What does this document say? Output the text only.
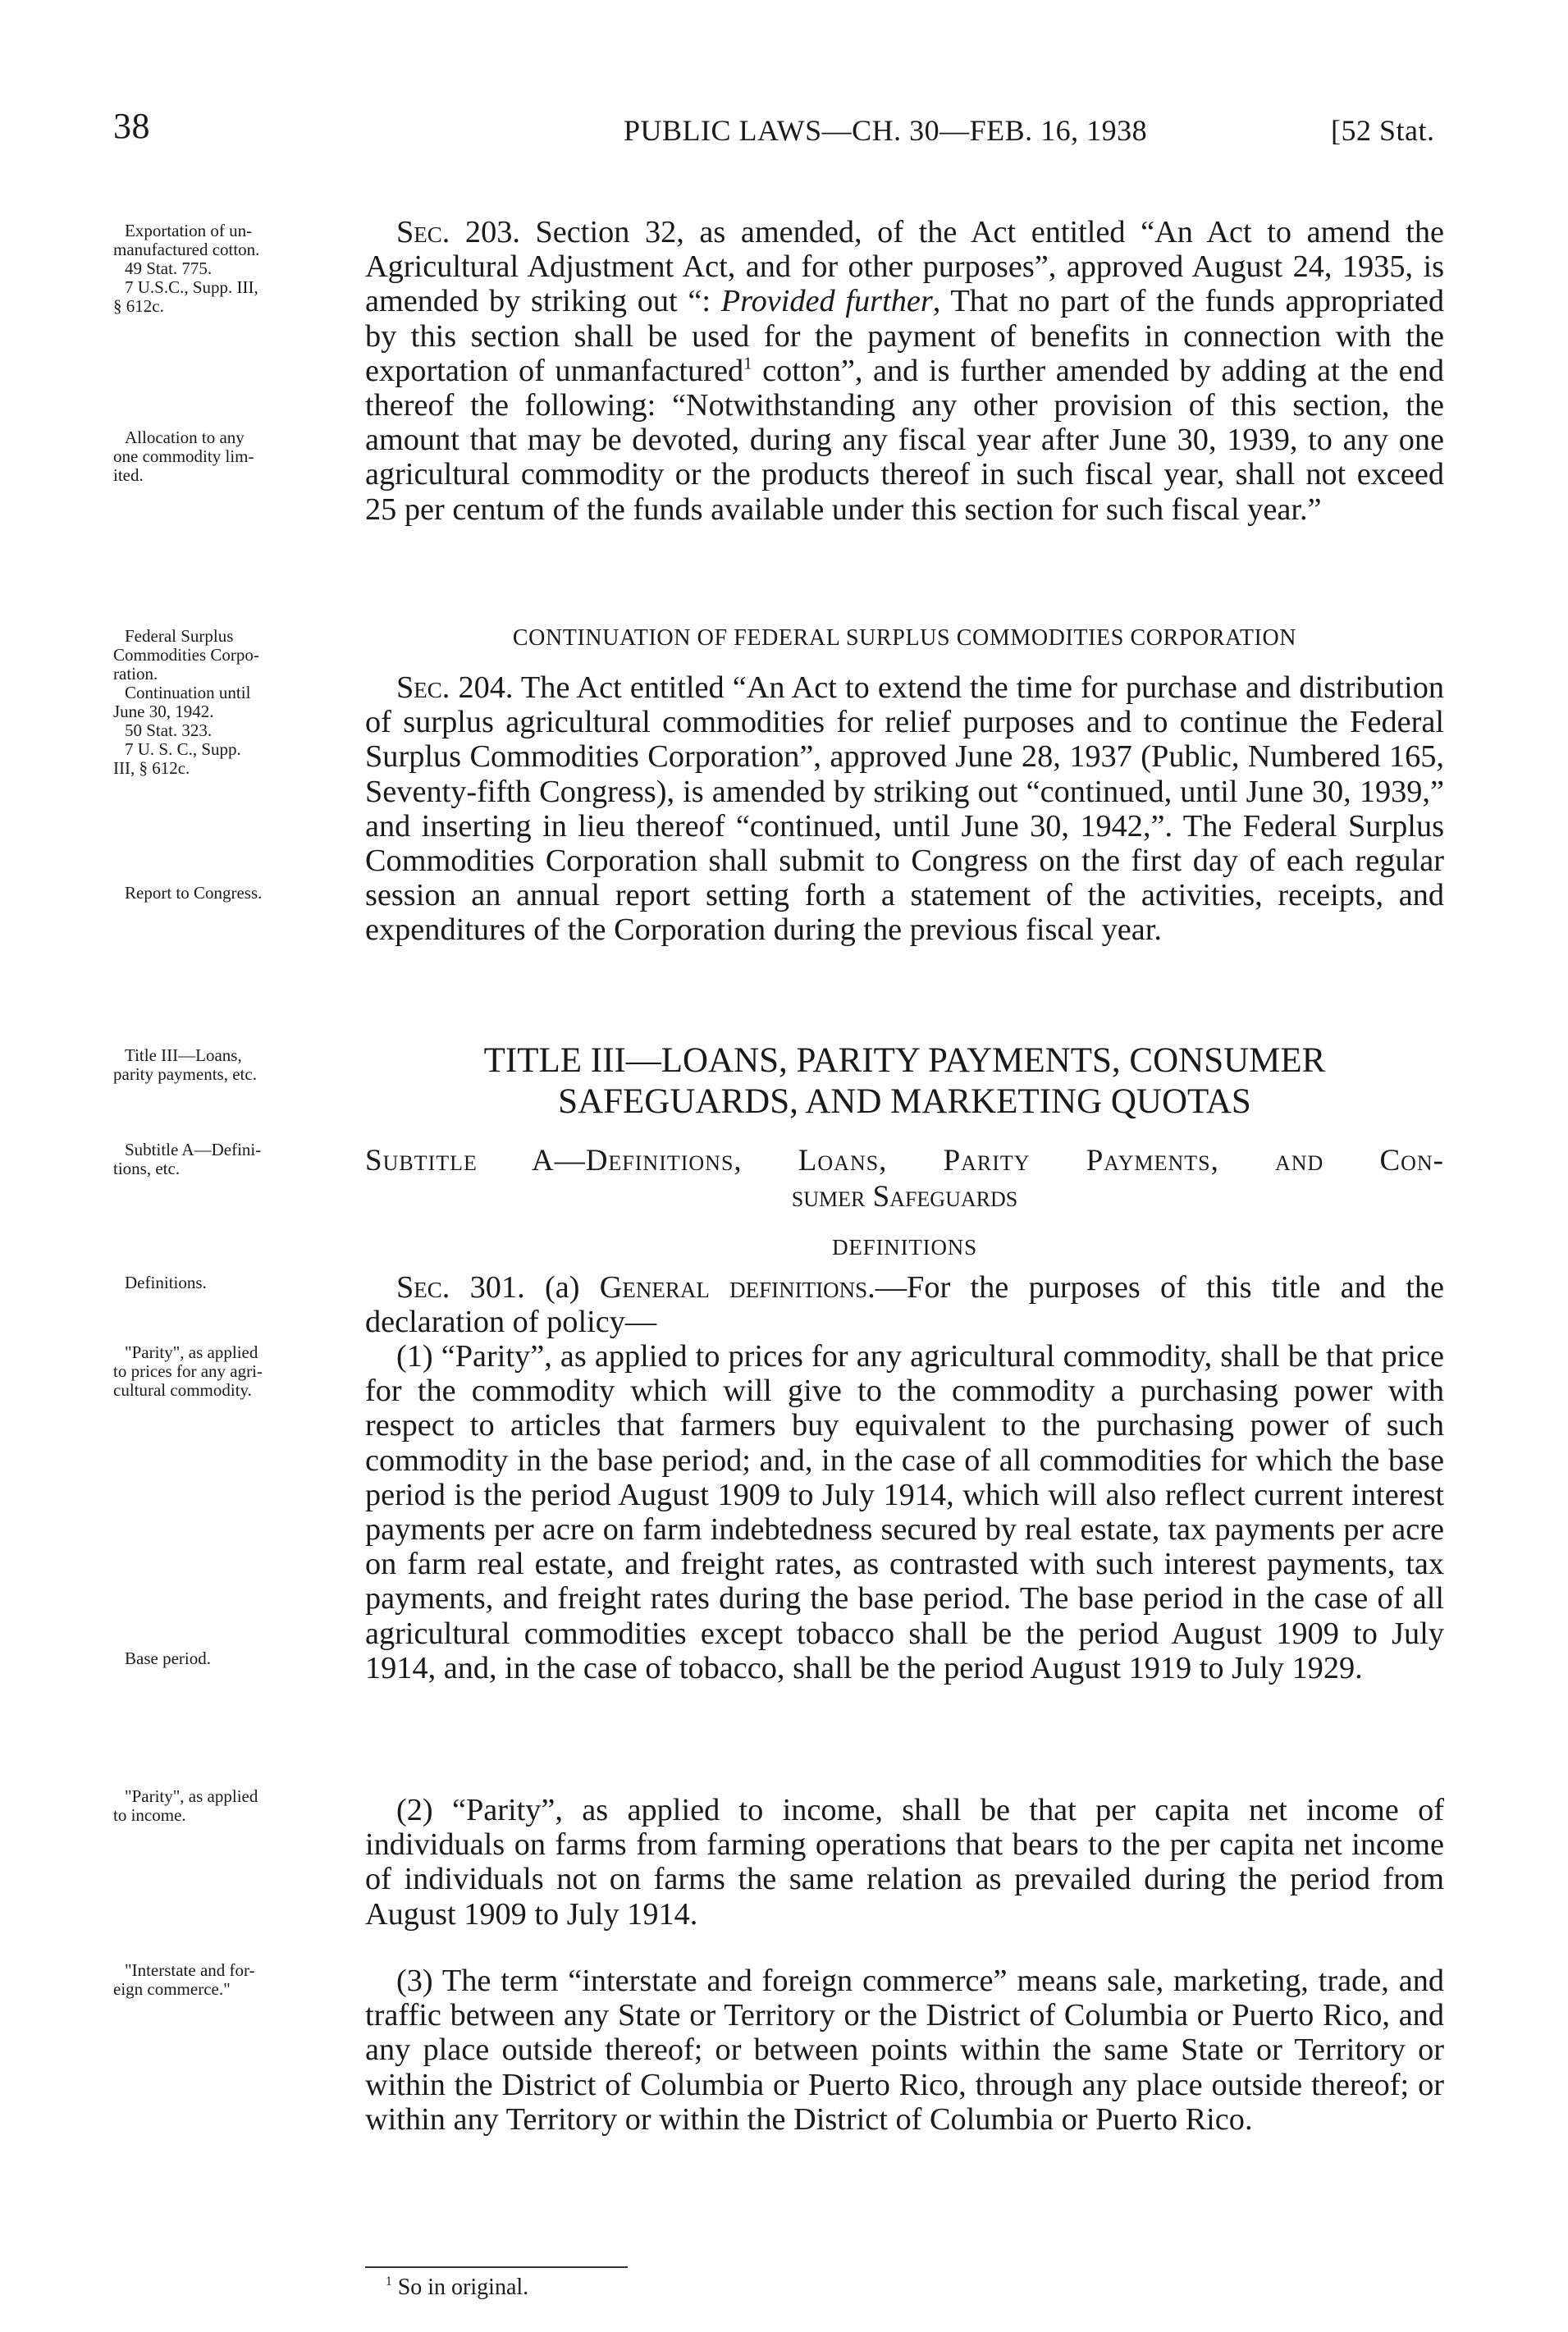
38	PUBLIC LAWS—CH. 30—FEB. 16, 1938	[52 Stat.
Exportation of un-
manufactured cotton.
49 Stat. 775.
7 U.S.C., Supp. III,
§ 612c.
Allocation to any
one commodity lim-
ited.
Federal Surplus
Commodities Corpo-
ration.
Continuation until
June 30, 1942.
50 Stat. 323.
7 U. S. C., Supp.
III, § 612c.
Report to Congress.
Title III—Loans,
parity payments, etc.
Subtitle A—Defini-
tions, etc.
Definitions.
"Parity", as applied
to prices for any agri-
cultural commodity.
Base period.
"Parity", as applied
to income.
"Interstate and for-
eign commerce."

Sec. 203. Section 32, as amended, of the Act entitled “An Act to amend the Agricultural Adjustment Act, and for other purposes”, approved August 24, 1935, is amended by striking out “: Provided further, That no part of the funds appropriated by this section shall be used for the payment of benefits in connection with the exportation of unmanfactured$^1$ cotton”, and is further amended by adding at the end thereof the following: “Notwithstanding any other provision of this section, the amount that may be devoted, during any fiscal year after June 30, 1939, to any one agricultural commodity or the products thereof in such fiscal year, shall not exceed 25 per centum of the funds available under this section for such fiscal year.”

CONTINUATION OF FEDERAL SURPLUS COMMODITIES CORPORATION

Sec. 204. The Act entitled “An Act to extend the time for purchase and distribution of surplus agricultural commodities for relief purposes and to continue the Federal Surplus Commodities Corporation”, approved June 28, 1937 (Public, Numbered 165, Seventy-fifth Congress), is amended by striking out “continued, until June 30, 1939,” and inserting in lieu thereof “continued, until June 30, 1942,”. The Federal Surplus Commodities Corporation shall submit to Congress on the first day of each regular session an annual report setting forth a statement of the activities, receipts, and expenditures of the Corporation during the previous fiscal year.

TITLE III—LOANS, PARITY PAYMENTS, CONSUMER
SAFEGUARDS, AND MARKETING QUOTAS
Subtitle A—Definitions, Loans, Parity Payments, and Con-
sumer Safeguards
DEFINITIONS

Sec. 301. (a) General definitions.—For the purposes of this title and the declaration of policy—

(1) “Parity”, as applied to prices for any agricultural commodity, shall be that price for the commodity which will give to the commodity a purchasing power with respect to articles that farmers buy equivalent to the purchasing power of such commodity in the base period; and, in the case of all commodities for which the base period is the period August 1909 to July 1914, which will also reflect current interest payments per acre on farm indebtedness secured by real estate, tax payments per acre on farm real estate, and freight rates, as contrasted with such interest payments, tax payments, and freight rates during the base period. The base period in the case of all agricultural commodities except tobacco shall be the period August 1909 to July 1914, and, in the case of tobacco, shall be the period August 1919 to July 1929.

(2) “Parity”, as applied to income, shall be that per capita net income of individuals on farms from farming operations that bears to the per capita net income of individuals not on farms the same relation as prevailed during the period from August 1909 to July 1914.

(3) The term “interstate and foreign commerce” means sale, marketing, trade, and traffic between any State or Territory or the District of Columbia or Puerto Rico, and any place outside thereof; or between points within the same State or Territory or within the District of Columbia or Puerto Rico, through any place outside thereof; or within any Territory or within the District of Columbia or Puerto Rico.

$^1$ So in original.
